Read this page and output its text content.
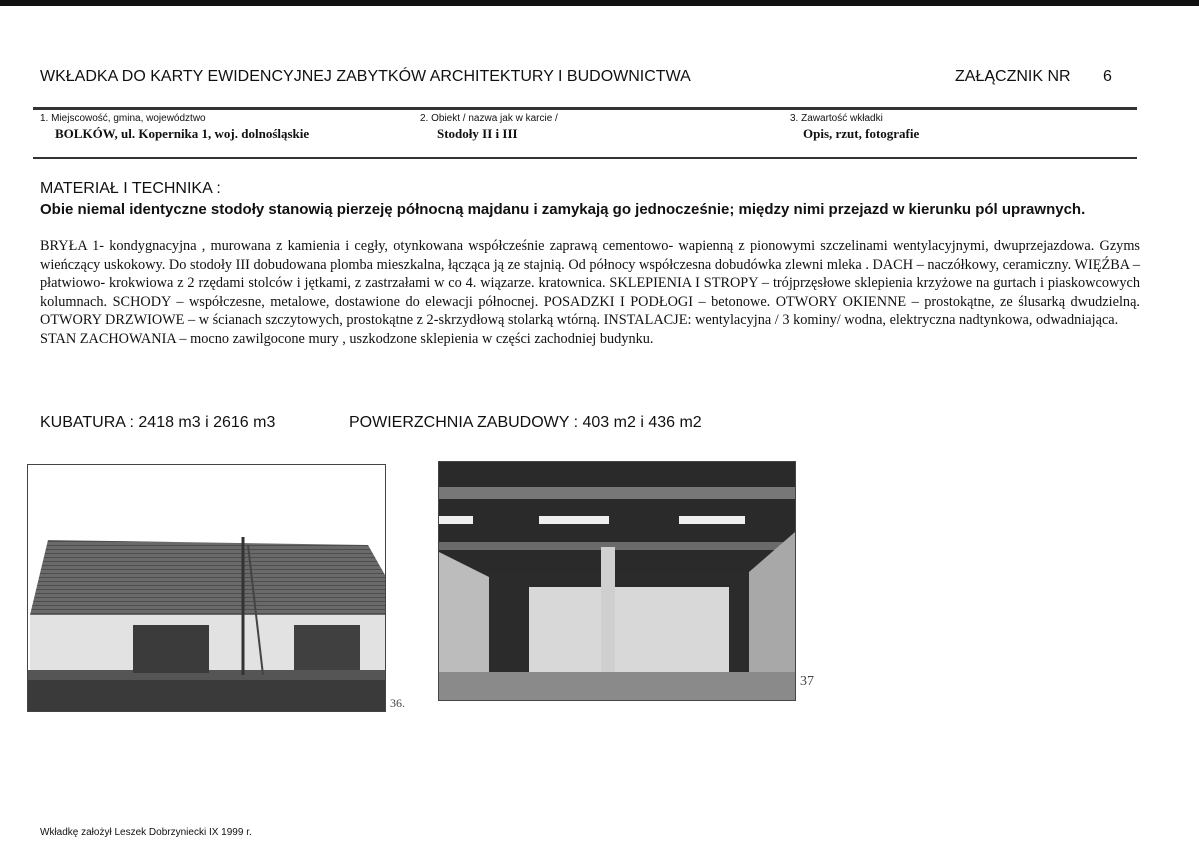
WKŁADKA DO KARTY EWIDENCYJNEJ ZABYTKÓW ARCHITEKTURY I BUDOWNICTWA	ZAŁĄCZNIK NR 6
1. Miejscowość, gmina, województwo
BOLKÓW, ul. Kopernika 1, woj. dolnośląskie
2. Obiekt / nazwa jak w karcie /
Stodoły II i III
3. Zawartość wkładki
Opis, rzut, fotografie
MATERIAŁ I TECHNIKA :
Obie niemal identyczne stodoły stanowią pierzeję północną majdanu i zamykają go jednocześnie; między nimi przejazd w kierunku pól uprawnych.

BRYŁA 1- kondygnacyjna , murowana z kamienia i cegły, otynkowana współcześnie zaprawą cementowo- wapienną z pionowymi szczelinami wentylacyjnymi, dwuprzejazdowa. Gzyms wieńczący uskokowy. Do stodoły III dobudowana plomba mieszkalna, łącząca ją ze stajnią. Od północy współczesna dobudówka zlewni mleka . DACH – naczółkowy, ceramiczny. WIĘŹBA – płatwiowo- krokwiowa z 2 rzędami stolców i jętkami, z zastrzałami w co 4. wiązarze. kratownica. SKLEPIENIA I STROPY – trójprzęsłowe sklepienia krzyżowe na gurtach i piaskowcowych kolumnach. SCHODY – współczesne, metalowe, dostawione do elewacji północnej. POSADZKI I PODŁOGI – betonowe. OTWORY OKIENNE – prostokątne, ze ślusarką dwudzielną. OTWORY DRZWIOWE – w ścianach szczytowych, prostokątne z 2-skrzydłową stolarką wtórną. INSTALACJE: wentylacyjna / 3 kominy/ wodna, elektryczna nadtynkowa, odwadniająca.

STAN ZACHOWANIA – mocno zawilgocone mury , uszkodzone sklepienia w części zachodniej budynku.

KUBATURA : 2418 m3 i 2616 m3	POWIERZCHNIA ZABUDOWY : 403 m2 i 436 m2
36.
37
Wkładkę założył Leszek Dobrzyniecki IX 1999 r.
